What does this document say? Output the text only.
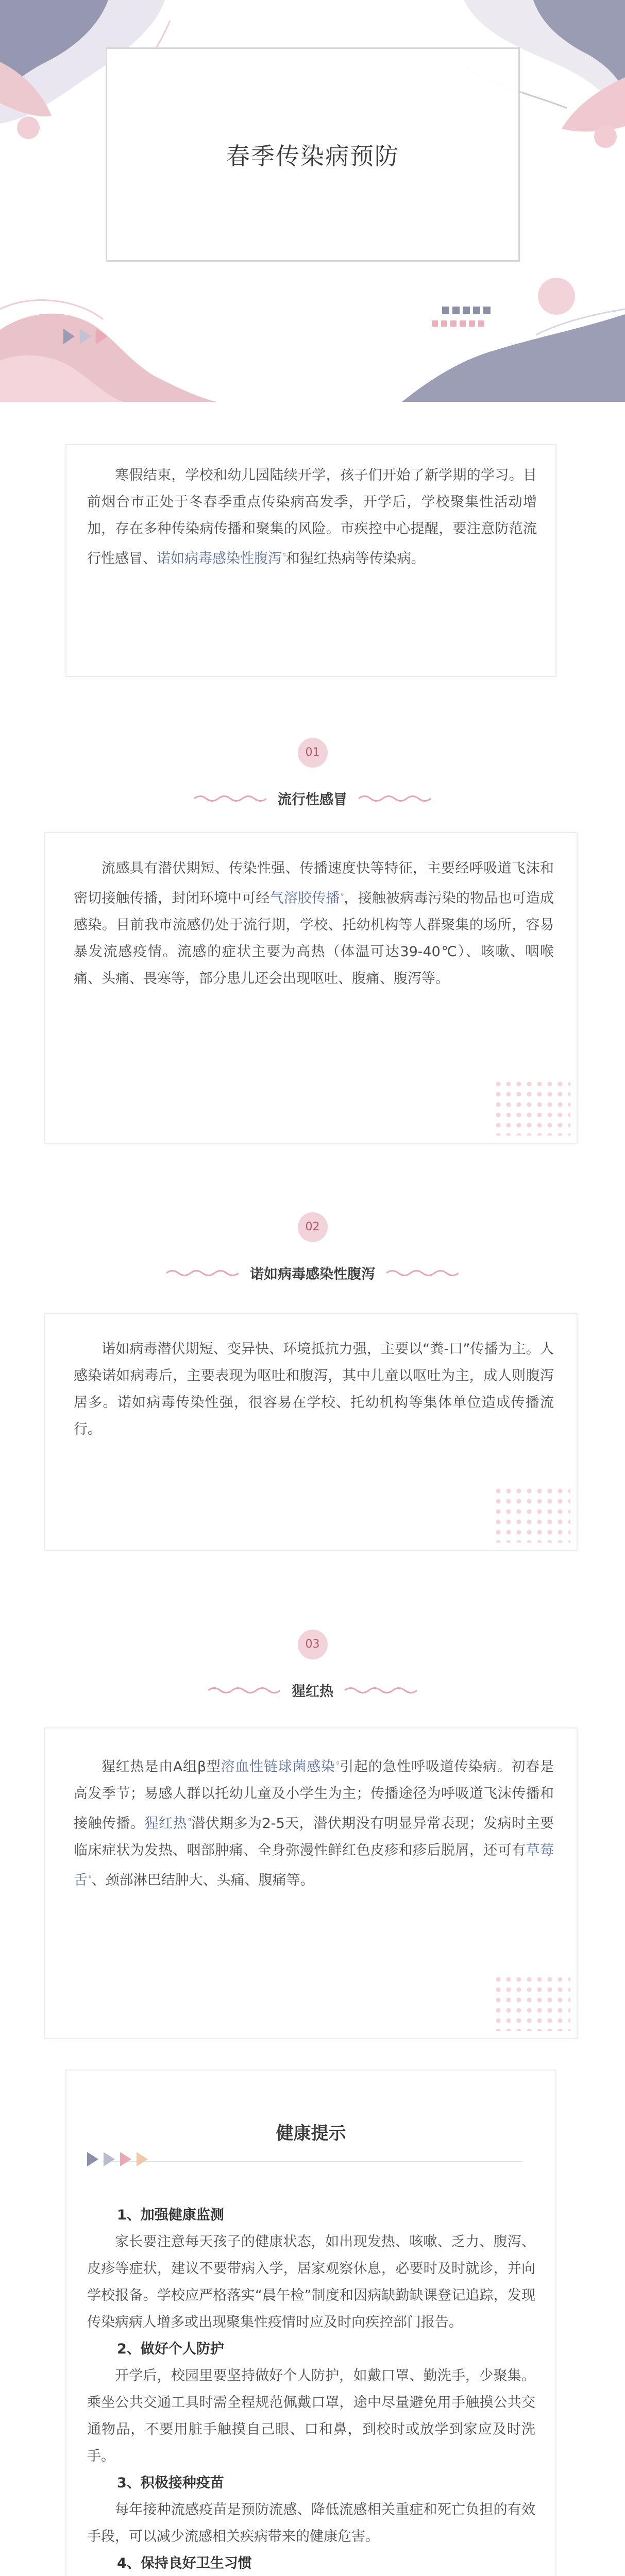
春季传染病预防

寒假结束，学校和幼儿园陆续开学，孩子们开始了新学期的学习。目前烟台市正处于冬春季重点传染病高发季，开学后，学校聚集性活动增加，存在多种传染病传播和聚集的风险。市疾控中心提醒，要注意防范流行性感冒、诺如病毒感染性腹泻 $^ᵍ$和猩红热病等传染病。

01
流行性感冒

流感具有潜伏期短、传染性强、传播速度快等特征，主要经呼吸道飞沫和密切接触传播，封闭环境中可经气溶胶传播 $^ᵍ$，接触被病毒污染的物品也可造成感染。目前我市流感仍处于流行期，学校、托幼机构等人群聚集的场所，容易暴发流感疫情。流感的症状主要为高热（体温可达39-40℃）、咳嗽、咽喉痛、头痛、畏寒等，部分患儿还会出现呕吐、腹痛、腹泻等。

02
诺如病毒感染性腹泻

诺如病毒潜伏期短、变异快、环境抵抗力强，主要以“粪-口”传播为主。人感染诺如病毒后，主要表现为呕吐和腹泻，其中儿童以呕吐为主，成人则腹泻居多。诺如病毒传染性强，很容易在学校、托幼机构等集体单位造成传播流行。

03
猩红热

猩红热是由A组β型溶血性链球菌感染 $^ᵍ$引起的急性呼吸道传染病。初春是高发季节；易感人群以托幼儿童及小学生为主；传播途径为呼吸道飞沫传播和接触传播。猩红热 $^ᵍ$潜伏期多为2-5天，潜伏期没有明显异常表现；发病时主要临床症状为发热、咽部肿痛、全身弥漫性鲜红色皮疹和疹后脱屑，还可有草莓舌 $^ᵍ$、颈部淋巴结肿大、头痛、腹痛等。

健康提示
1、加强健康监测
家长要注意每天孩子的健康状态，如出现发热、咳嗽、乏力、腹泻、皮疹等症状，建议不要带病入学，居家观察休息，必要时及时就诊，并向学校报备。学校应严格落实“晨午检”制度和因病缺勤缺课登记追踪，发现传染病病人增多或出现聚集性疫情时应及时向疾控部门报告。
2、做好个人防护
开学后，校园里要坚持做好个人防护，如戴口罩、勤洗手，少聚集。乘坐公共交通工具时需全程规范佩戴口罩，途中尽量避免用手触摸公共交通物品，不要用脏手触摸自己眼、口和鼻，到校时或放学到家应及时洗手。
3、积极接种疫苗
每年接种流感疫苗是预防流感、降低流感相关重症和死亡负担的有效手段，可以减少流感相关疾病带来的健康危害。
4、保持良好卫生习惯
